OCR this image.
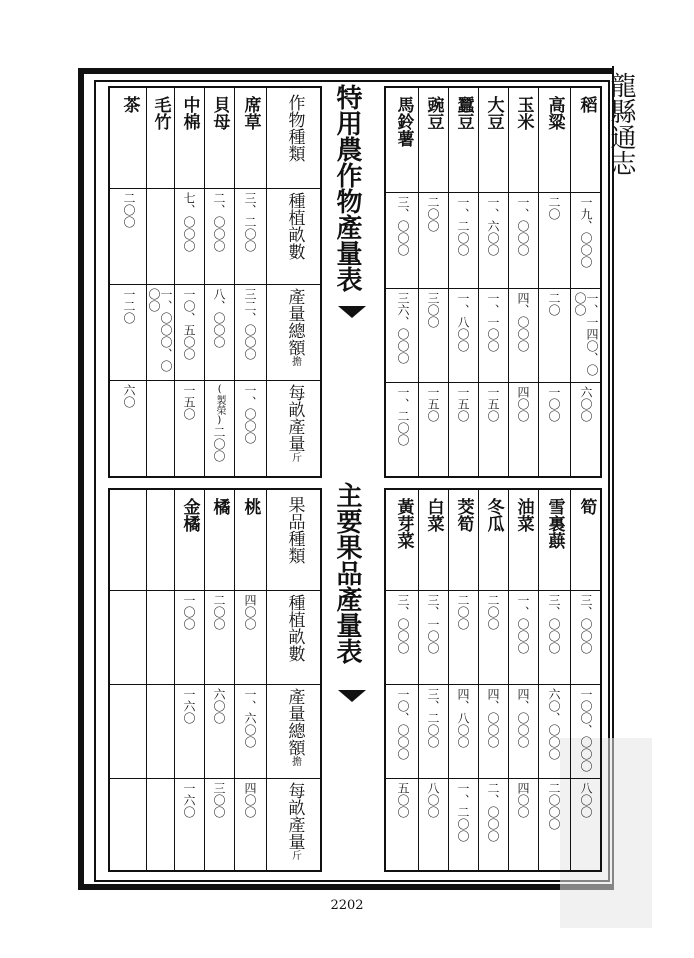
龍縣通志
作物種類
種植畝數
產量總額擔
每畝產量斤
席草
三、二〇〇
三二、〇〇〇
一、〇〇〇
貝母
二、〇〇〇
八、〇〇〇
(製榮)二〇〇
中棉
七、〇〇〇
一〇、五〇〇
一五〇
毛竹
一、〇〇〇、〇〇〇
茶
二〇〇
一二〇
六〇
特用農作物產量表
果品種類
種植畝數
產量總額擔
每畝產量斤
桃
四〇〇
一、六〇〇
四〇〇
橘
二〇〇
六〇〇
三〇〇
金橘
一〇〇
一六〇
一六〇
主要果品產量表
稻
一九、〇〇〇
一、一四〇、〇〇〇
六〇〇
高粱
二〇
二〇
一〇〇
玉米
一、〇〇〇
四、〇〇〇
四〇〇
大豆
一、六〇〇
一、一〇〇
一五〇
蠶豆
一、二〇〇
一、八〇〇
一五〇
豌豆
二〇〇
三〇〇
一五〇
馬鈴薯
三、〇〇〇
三六、〇〇〇
一、二〇〇
筍
三、〇〇〇
一〇〇、〇〇〇
八〇〇
雪裏蕻
三、〇〇〇
六〇、〇〇〇
二〇〇〇
油菜
一、〇〇〇
四、〇〇〇
四〇〇
冬瓜
二〇〇
四、〇〇〇
二、〇〇〇
茭筍
二〇〇
四、八〇〇
一、二〇〇
白菜
三、一〇〇
三、二〇〇
八〇〇
黃芽菜
三、〇〇〇
一〇、〇〇〇
五〇〇
2202
